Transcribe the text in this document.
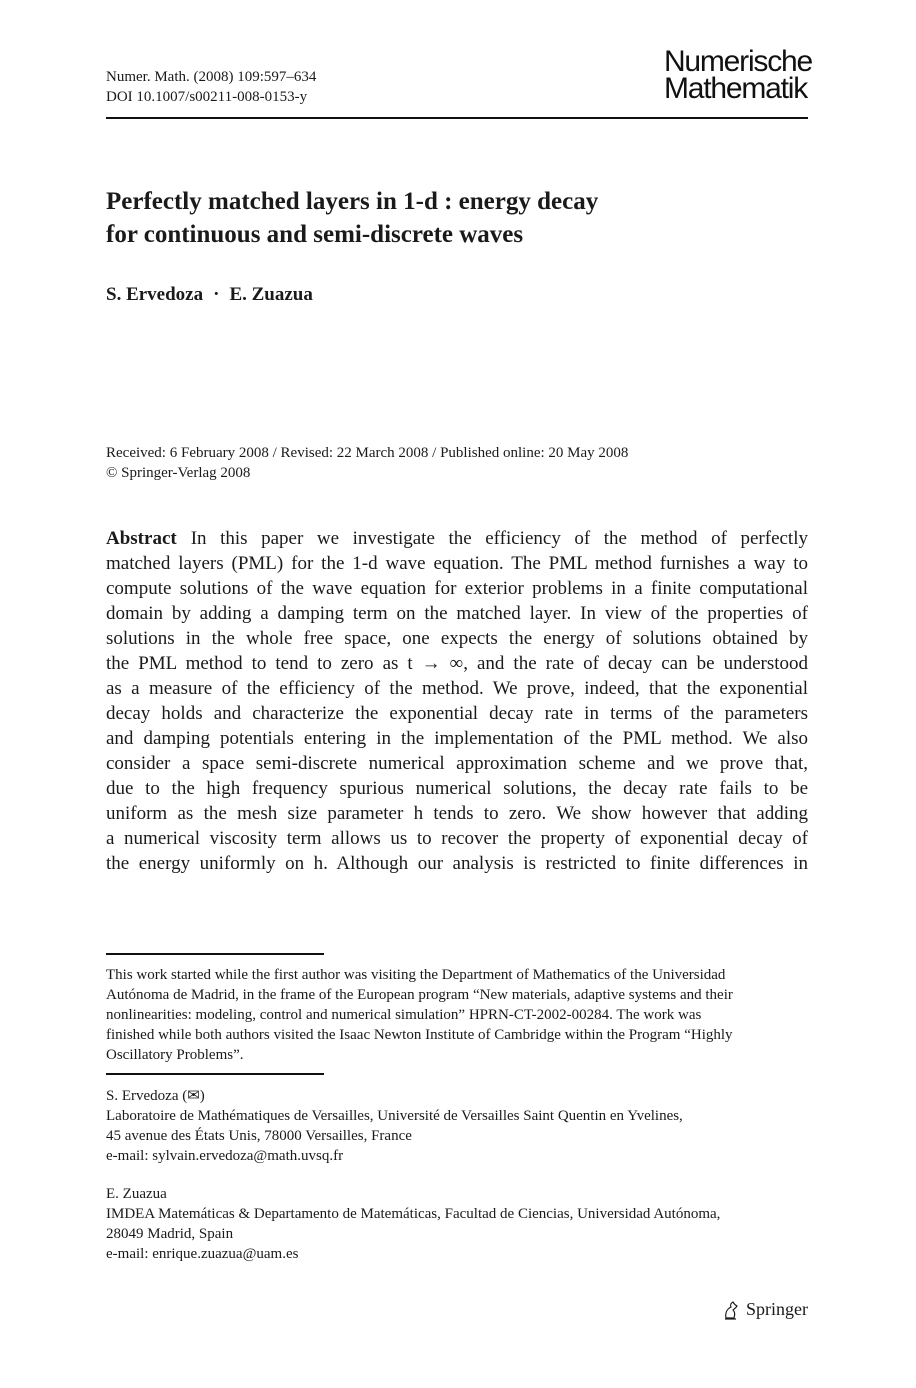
Numer. Math. (2008) 109:597–634
DOI 10.1007/s00211-008-0153-y
Numerische
Mathematik
Perfectly matched layers in 1-d : energy decay
for continuous and semi-discrete waves
S. Ervedoza · E. Zuazua
Received: 6 February 2008 / Revised: 22 March 2008 / Published online: 20 May 2008
© Springer-Verlag 2008
Abstract In this paper we investigate the efficiency of the method of perfectly
matched layers (PML) for the 1-d wave equation. The PML method furnishes a way to
compute solutions of the wave equation for exterior problems in a finite computational
domain by adding a damping term on the matched layer. In view of the properties of
solutions in the whole free space, one expects the energy of solutions obtained by
the PML method to tend to zero as t → ∞, and the rate of decay can be understood
as a measure of the efficiency of the method. We prove, indeed, that the exponential
decay holds and characterize the exponential decay rate in terms of the parameters
and damping potentials entering in the implementation of the PML method. We also
consider a space semi-discrete numerical approximation scheme and we prove that,
due to the high frequency spurious numerical solutions, the decay rate fails to be
uniform as the mesh size parameter h tends to zero. We show however that adding
a numerical viscosity term allows us to recover the property of exponential decay of
the energy uniformly on h. Although our analysis is restricted to finite differences in
This work started while the first author was visiting the Department of Mathematics of the Universidad
Autónoma de Madrid, in the frame of the European program “New materials, adaptive systems and their
nonlinearities: modeling, control and numerical simulation” HPRN-CT-2002-00284. The work was
finished while both authors visited the Isaac Newton Institute of Cambridge within the Program “Highly
Oscillatory Problems”.
S. Ervedoza (✉)
Laboratoire de Mathématiques de Versailles, Université de Versailles Saint Quentin en Yvelines,
45 avenue des États Unis, 78000 Versailles, France
e-mail: sylvain.ervedoza@math.uvsq.fr
E. Zuazua
IMDEA Matemáticas & Departamento de Matemáticas, Facultad de Ciencias, Universidad Autónoma,
28049 Madrid, Spain
e-mail: enrique.zuazua@uam.es
Springer
